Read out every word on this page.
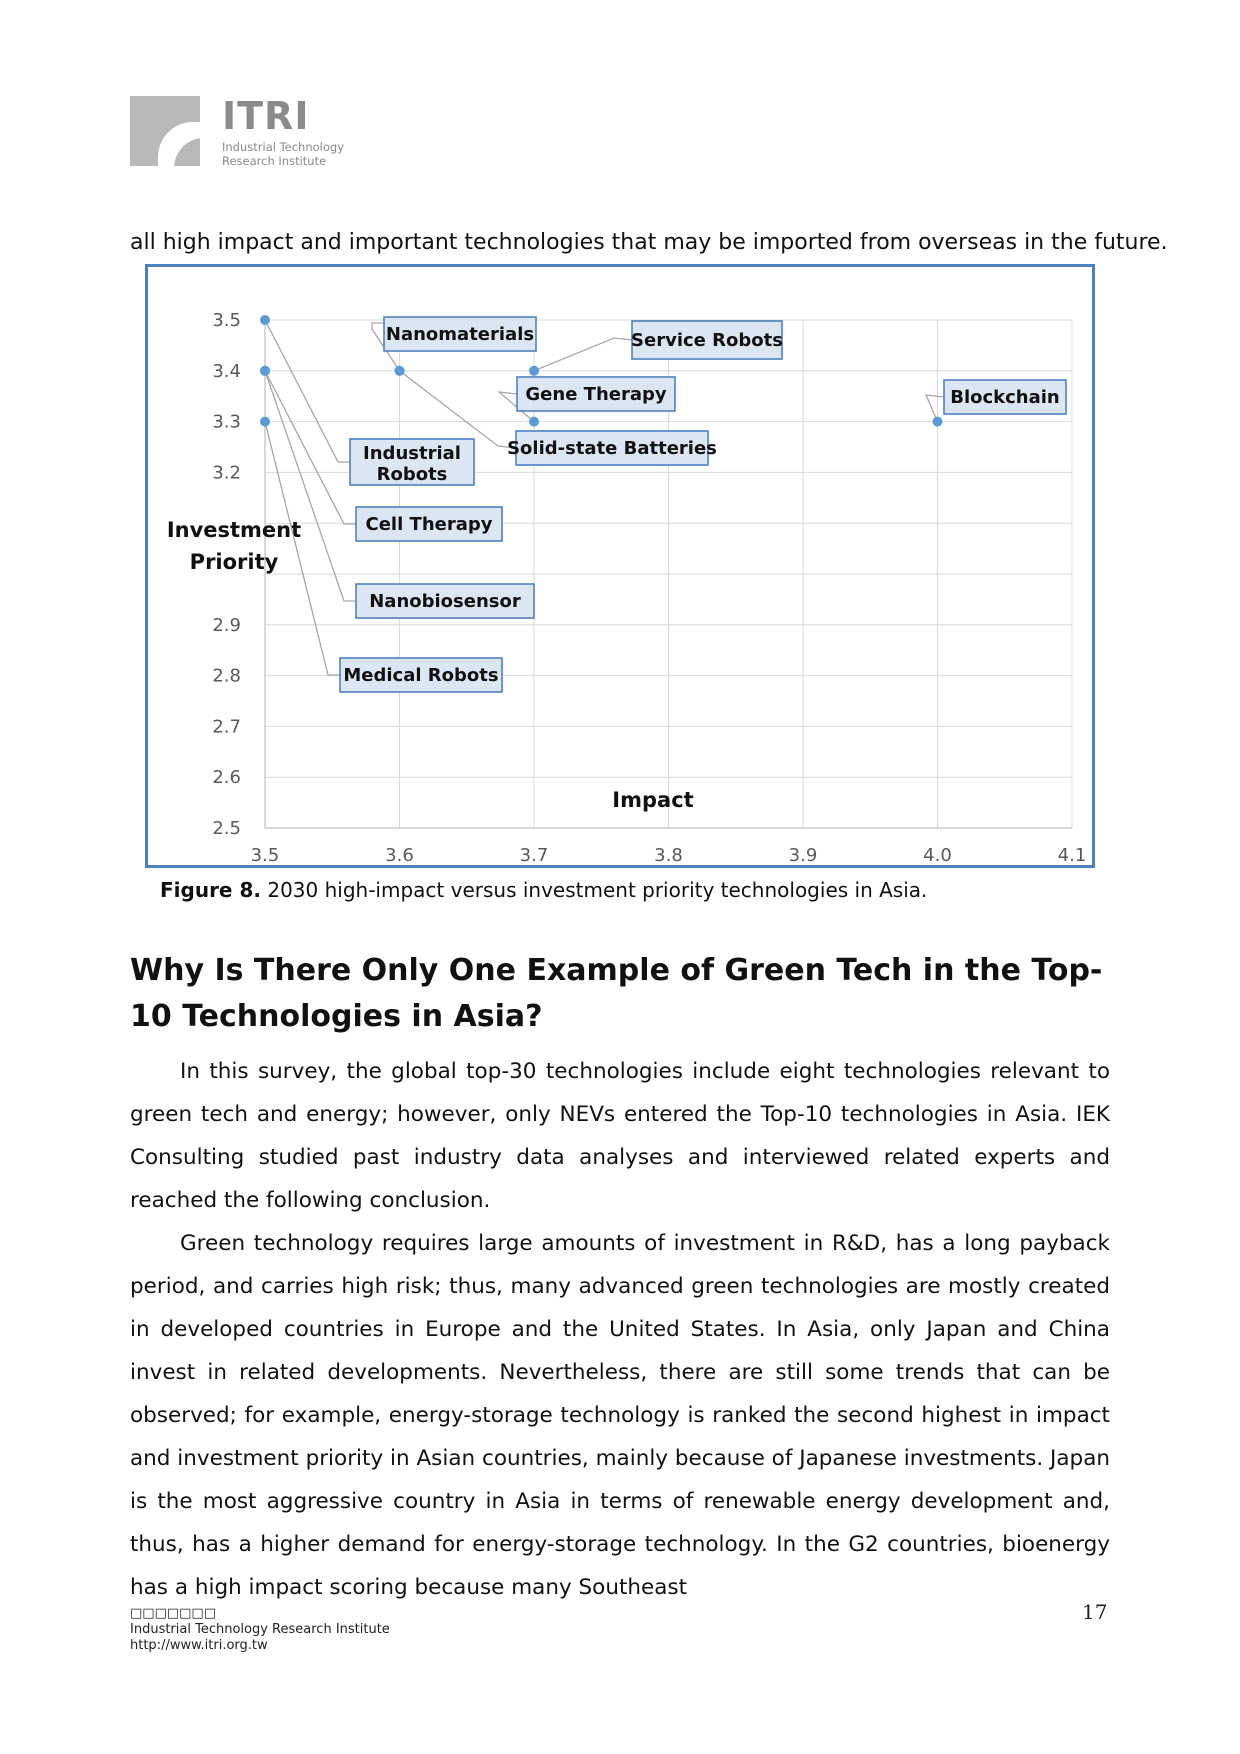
ITRI
Industrial Technology
Research Institute
all high impact and important technologies that may be imported from overseas in the future.
3.5	3.6	3.7	3.8	3.9	4.0	4.1
2.5
2.6
2.7
2.8
2.9
3.2
3.3
3.4
3.5
Investment
Priority
Impact
Service Robots
Nanomaterials
Blockchain
Gene Therapy
Solid-state Batteries
Industrial
Robots
Cell Therapy
Nanobiosensor
Medical Robots
Figure 8. 2030 high-impact versus investment priority technologies in Asia.
Why Is There Only One Example of Green Tech in the Top-10 Technologies in Asia?

In this survey, the global top-30 technologies include eight technologies relevant to green tech and energy; however, only NEVs entered the Top-10 technologies in Asia. IEK Consulting studied past industry data analyses and interviewed related experts and reached the following conclusion.

Green technology requires large amounts of investment in R&D, has a long payback period, and carries high risk; thus, many advanced green technologies are mostly created in developed countries in Europe and the United States. In Asia, only Japan and China invest in related developments. Nevertheless, there are still some trends that can be observed; for example, energy-storage technology is ranked the second highest in impact and investment priority in Asian countries, mainly because of Japanese investments. Japan is the most aggressive country in Asia in terms of renewable energy development and, thus, has a higher demand for energy-storage technology. In the G2 countries, bioenergy has a high impact scoring because many Southeast

□□□□□□□
Industrial Technology Research Institute
http://www.itri.org.tw
17
